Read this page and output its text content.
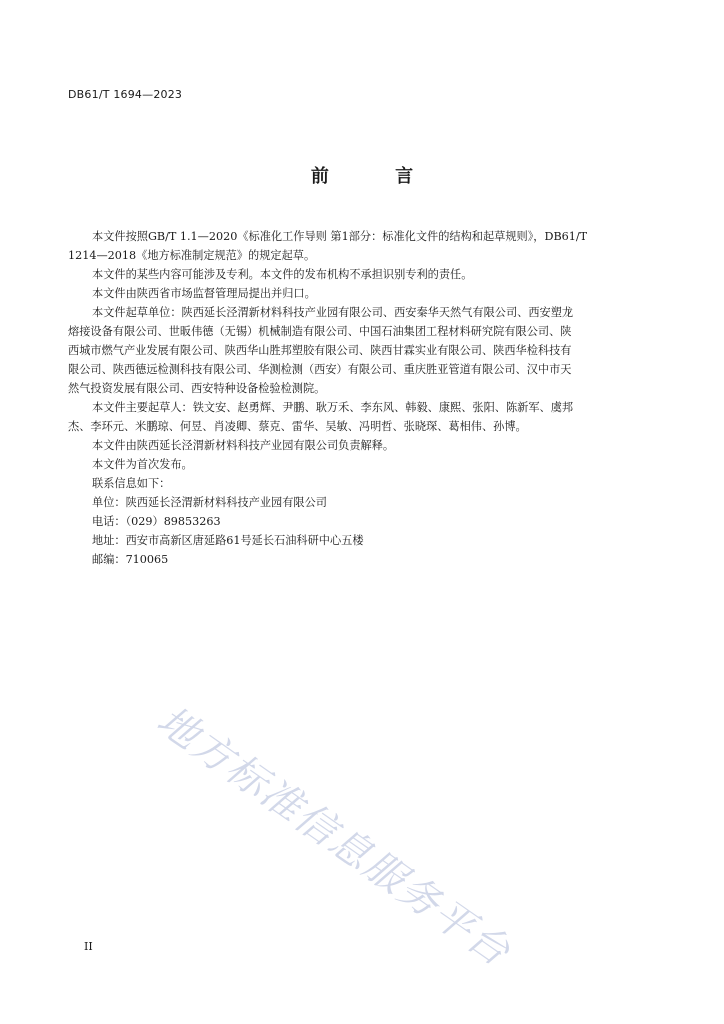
DB61/T 1694—2023
前 言

本文件按照GB/T 1.1—2020《标准化工作导则 第1部分：标准化文件的结构和起草规则》，DB61/T
1214—2018《地方标准制定规范》的规定起草。

本文件的某些内容可能涉及专利。本文件的发布机构不承担识别专利的责任。

本文件由陕西省市场监督管理局提出并归口。

本文件起草单位：陕西延长泾渭新材料科技产业园有限公司、西安秦华天然气有限公司、西安塑龙
熔接设备有限公司、世昄伟德（无锡）机械制造有限公司、中国石油集团工程材料研究院有限公司、陕
西城市燃气产业发展有限公司、陕西华山胜邦塑胶有限公司、陕西甘霖实业有限公司、陕西华检科技有
限公司、陕西德远检测科技有限公司、华测检测（西安）有限公司、重庆胜亚管道有限公司、汉中市天
然气投资发展有限公司、西安特种设备检验检测院。

本文件主要起草人：铁文安、赵勇辉、尹鹏、耿万禾、李东风、韩毅、康熙、张阳、陈新军、虞邦
杰、李环元、米鹏琼、何昱、肖凌卿、蔡克、雷华、吴敏、冯明哲、张晓琛、葛相伟、孙博。

本文件由陕西延长泾渭新材料科技产业园有限公司负责解释。

本文件为首次发布。

联系信息如下：

单位：陕西延长泾渭新材料科技产业园有限公司

电话：（029）89853263

地址：西安市高新区唐延路61号延长石油科研中心五楼

邮编：710065

地方标准信息服务平台
II
